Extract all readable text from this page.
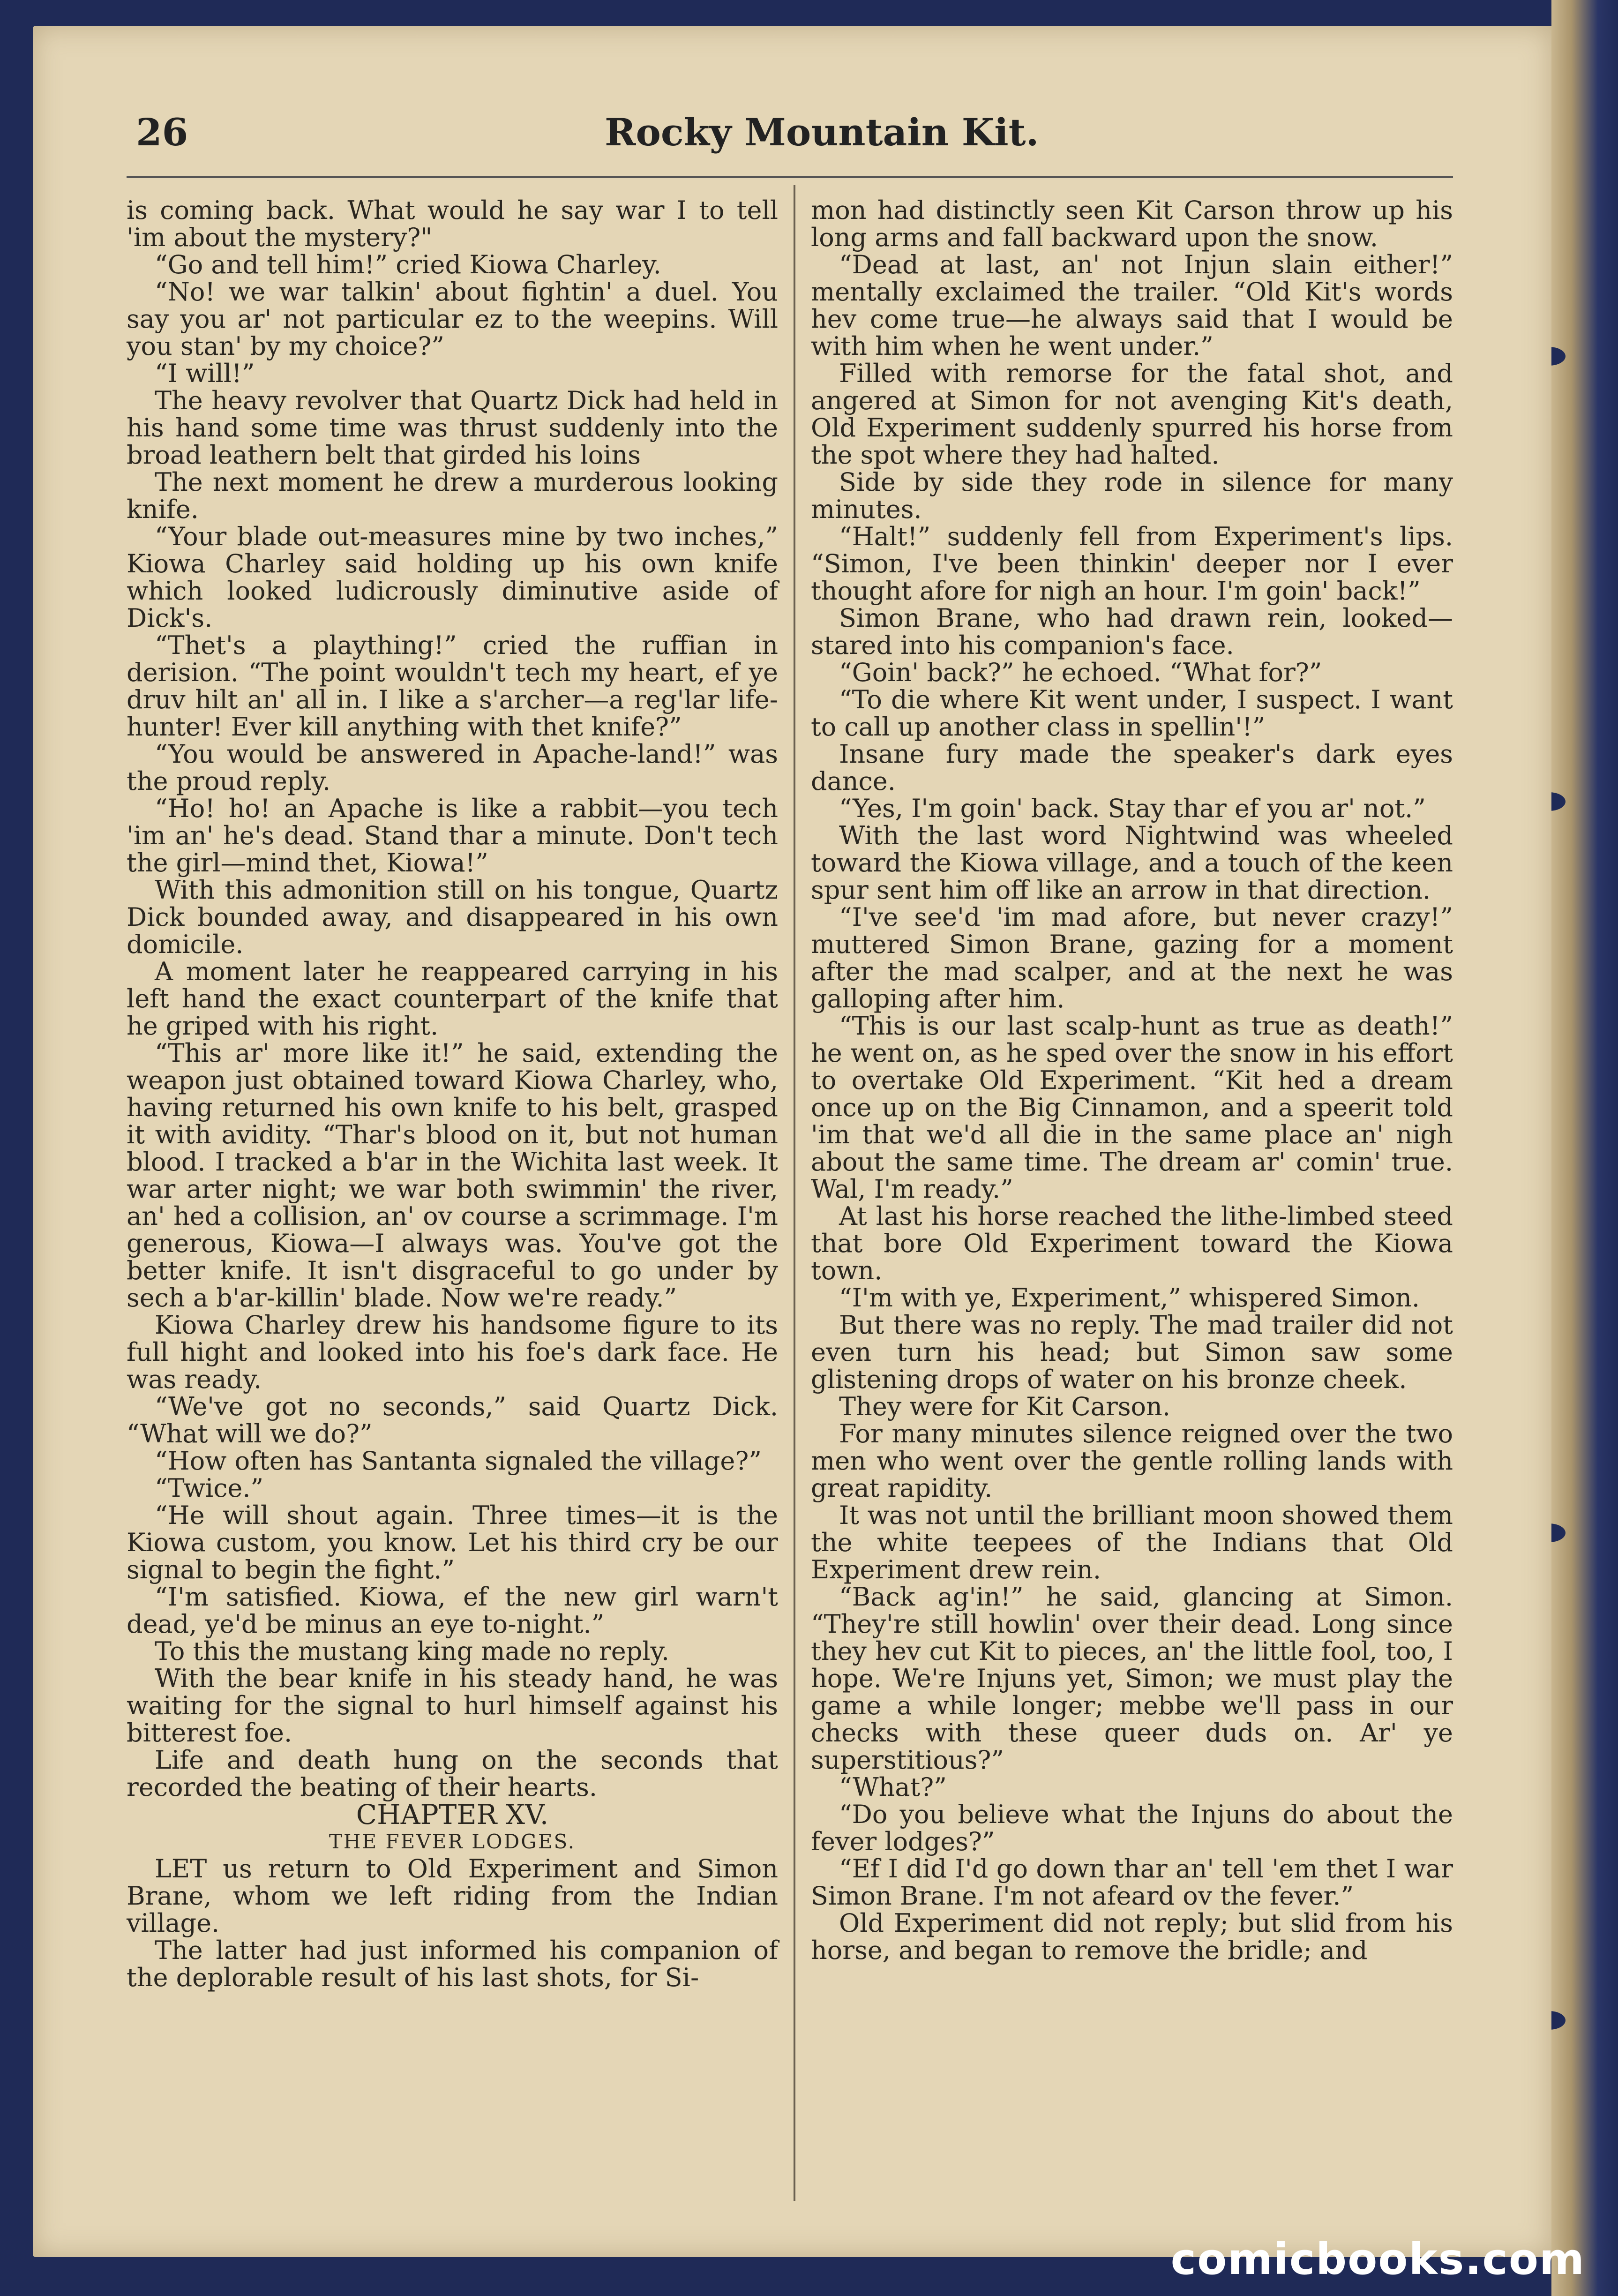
26	Rocky Mountain Kit.

is coming back. What would he say war I to tell 'im about the mystery?"

“Go and tell him!” cried Kiowa Charley.

“No! we war talkin' about fightin' a duel. You say you ar' not particular ez to the weepins. Will you stan' by my choice?”

“I will!”

The heavy revolver that Quartz Dick had held in his hand some time was thrust suddenly into the broad leathern belt that girded his loins

The next moment he drew a murderous looking knife.

“Your blade out-measures mine by two inches,” Kiowa Charley said holding up his own knife which looked ludicrously diminutive aside of Dick's.

“Thet's a plaything!” cried the ruffian in derision. “The point wouldn't tech my heart, ef ye druv hilt an' all in. I like a s'archer—a reg'lar life-hunter! Ever kill anything with thet knife?”

“You would be answered in Apache-land!” was the proud reply.

“Ho! ho! an Apache is like a rabbit—you tech 'im an' he's dead. Stand thar a minute. Don't tech the girl—mind thet, Kiowa!”

With this admonition still on his tongue, Quartz Dick bounded away, and disappeared in his own domicile.

A moment later he reappeared carrying in his left hand the exact counterpart of the knife that he griped with his right.

“This ar' more like it!” he said, extending the weapon just obtained toward Kiowa Charley, who, having returned his own knife to his belt, grasped it with avidity. “Thar's blood on it, but not human blood. I tracked a b'ar in the Wichita last week. It war arter night; we war both swimmin' the river, an' hed a collision, an' ov course a scrimmage. I'm generous, Kiowa—I always was. You've got the better knife. It isn't disgraceful to go under by sech a b'ar-killin' blade. Now we're ready.”

Kiowa Charley drew his handsome figure to its full hight and looked into his foe's dark face. He was ready.

“We've got no seconds,” said Quartz Dick. “What will we do?”

“How often has Santanta signaled the village?”

“Twice.”

“He will shout again. Three times—it is the Kiowa custom, you know. Let his third cry be our signal to begin the fight.”

“I'm satisfied. Kiowa, ef the new girl warn't dead, ye'd be minus an eye to-night.”

To this the mustang king made no reply.

With the bear knife in his steady hand, he was waiting for the signal to hurl himself against his bitterest foe.

Life and death hung on the seconds that recorded the beating of their hearts.

CHAPTER XV.

THE FEVER LODGES.

LET us return to Old Experiment and Simon Brane, whom we left riding from the Indian village.

The latter had just informed his companion of the deplorable result of his last shots, for Si-

mon had distinctly seen Kit Carson throw up his long arms and fall backward upon the snow.

“Dead at last, an' not Injun slain either!” mentally exclaimed the trailer. “Old Kit's words hev come true—he always said that I would be with him when he went under.”

Filled with remorse for the fatal shot, and angered at Simon for not avenging Kit's death, Old Experiment suddenly spurred his horse from the spot where they had halted.

Side by side they rode in silence for many minutes.

“Halt!” suddenly fell from Experiment's lips. “Simon, I've been thinkin' deeper nor I ever thought afore for nigh an hour. I'm goin' back!”

Simon Brane, who had drawn rein, looked—stared into his companion's face.

“Goin' back?” he echoed. “What for?”

“To die where Kit went under, I suspect. I want to call up another class in spellin'!”

Insane fury made the speaker's dark eyes dance.

“Yes, I'm goin' back. Stay thar ef you ar' not.”

With the last word Nightwind was wheeled toward the Kiowa village, and a touch of the keen spur sent him off like an arrow in that direction.

“I've see'd 'im mad afore, but never crazy!” muttered Simon Brane, gazing for a moment after the mad scalper, and at the next he was galloping after him.

“This is our last scalp-hunt as true as death!” he went on, as he sped over the snow in his effort to overtake Old Experiment. “Kit hed a dream once up on the Big Cinnamon, and a speerit told 'im that we'd all die in the same place an' nigh about the same time. The dream ar' comin' true. Wal, I'm ready.”

At last his horse reached the lithe-limbed steed that bore Old Experiment toward the Kiowa town.

“I'm with ye, Experiment,” whispered Simon.

But there was no reply. The mad trailer did not even turn his head; but Simon saw some glistening drops of water on his bronze cheek.

They were for Kit Carson.

For many minutes silence reigned over the two men who went over the gentle rolling lands with great rapidity.

It was not until the brilliant moon showed them the white teepees of the Indians that Old Experiment drew rein.

“Back ag'in!” he said, glancing at Simon. “They're still howlin' over their dead. Long since they hev cut Kit to pieces, an' the little fool, too, I hope. We're Injuns yet, Simon; we must play the game a while longer; mebbe we'll pass in our checks with these queer duds on. Ar' ye superstitious?”

“What?”

“Do you believe what the Injuns do about the fever lodges?”

“Ef I did I'd go down thar an' tell 'em thet I war Simon Brane. I'm not afeard ov the fever.”

Old Experiment did not reply; but slid from his horse, and began to remove the bridle; and

comicbooks.com
